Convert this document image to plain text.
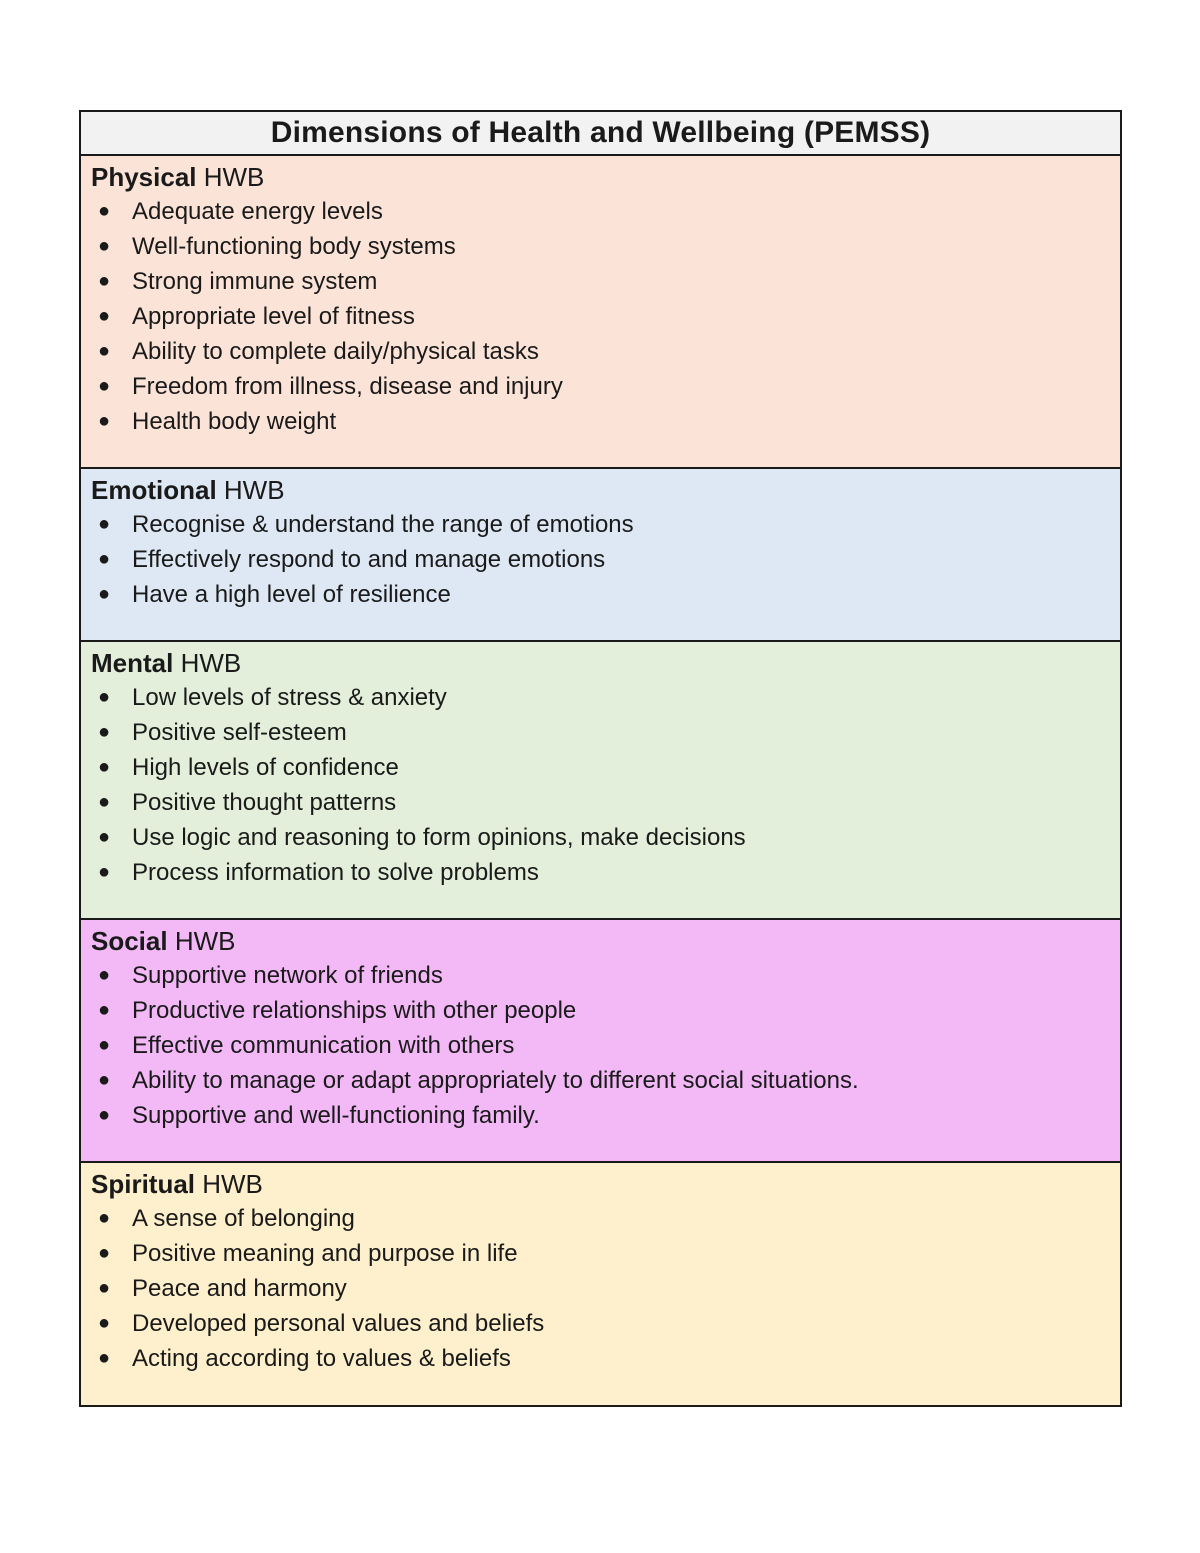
Dimensions of Health and Wellbeing (PEMSS)

Physical HWB

● Adequate energy levels
● Well-functioning body systems
● Strong immune system
● Appropriate level of fitness
● Ability to complete daily/physical tasks
● Freedom from illness, disease and injury
● Health body weight

Emotional HWB

● Recognise & understand the range of emotions
● Effectively respond to and manage emotions
● Have a high level of resilience

Mental HWB

● Low levels of stress & anxiety
● Positive self-esteem
● High levels of confidence
● Positive thought patterns
● Use logic and reasoning to form opinions, make decisions
● Process information to solve problems

Social HWB

● Supportive network of friends
● Productive relationships with other people
● Effective communication with others
● Ability to manage or adapt appropriately to different social situations.
● Supportive and well-functioning family.

Spiritual HWB

● A sense of belonging
● Positive meaning and purpose in life
● Peace and harmony
● Developed personal values and beliefs
● Acting according to values & beliefs
